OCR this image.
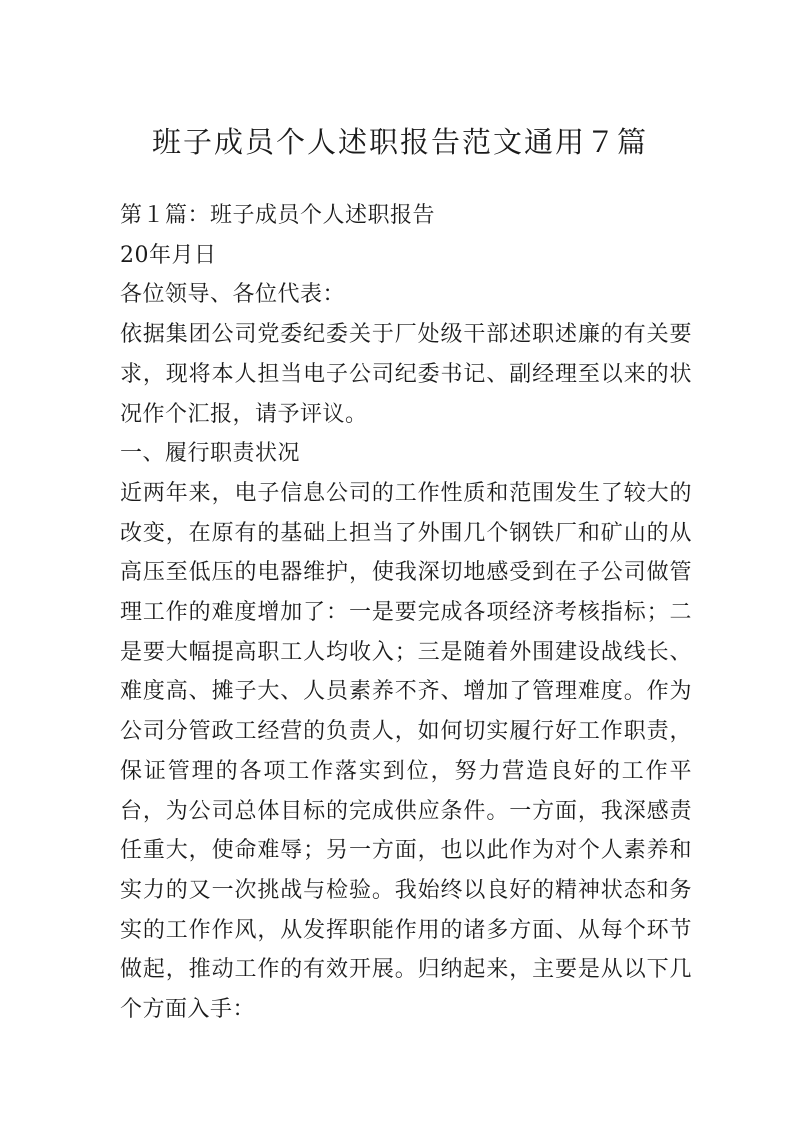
班子成员个人述职报告范文通用７篇

第１篇：班子成员个人述职报告

20年月日

各位领导、各位代表：

依据集团公司党委纪委关于厂处级干部述职述廉的有关要求，现将本人担当电子公司纪委书记、副经理至以来的状况作个汇报，请予评议。

一、履行职责状况

近两年来，电子信息公司的工作性质和范围发生了较大的改变，在原有的基础上担当了外围几个钢铁厂和矿山的从高压至低压的电器维护，使我深切地感受到在子公司做管理工作的难度增加了：一是要完成各项经济考核指标；二是要大幅提高职工人均收入；三是随着外围建设战线长、难度高、摊子大、人员素养不齐、增加了管理难度。作为公司分管政工经营的负责人，如何切实履行好工作职责，保证管理的各项工作落实到位，努力营造良好的工作平台，为公司总体目标的完成供应条件。一方面，我深感责任重大，使命难辱；另一方面，也以此作为对个人素养和实力的又一次挑战与检验。我始终以良好的精神状态和务实的工作作风，从发挥职能作用的诸多方面、从每个环节做起，推动工作的有效开展。归纳起来，主要是从以下几个方面入手：
